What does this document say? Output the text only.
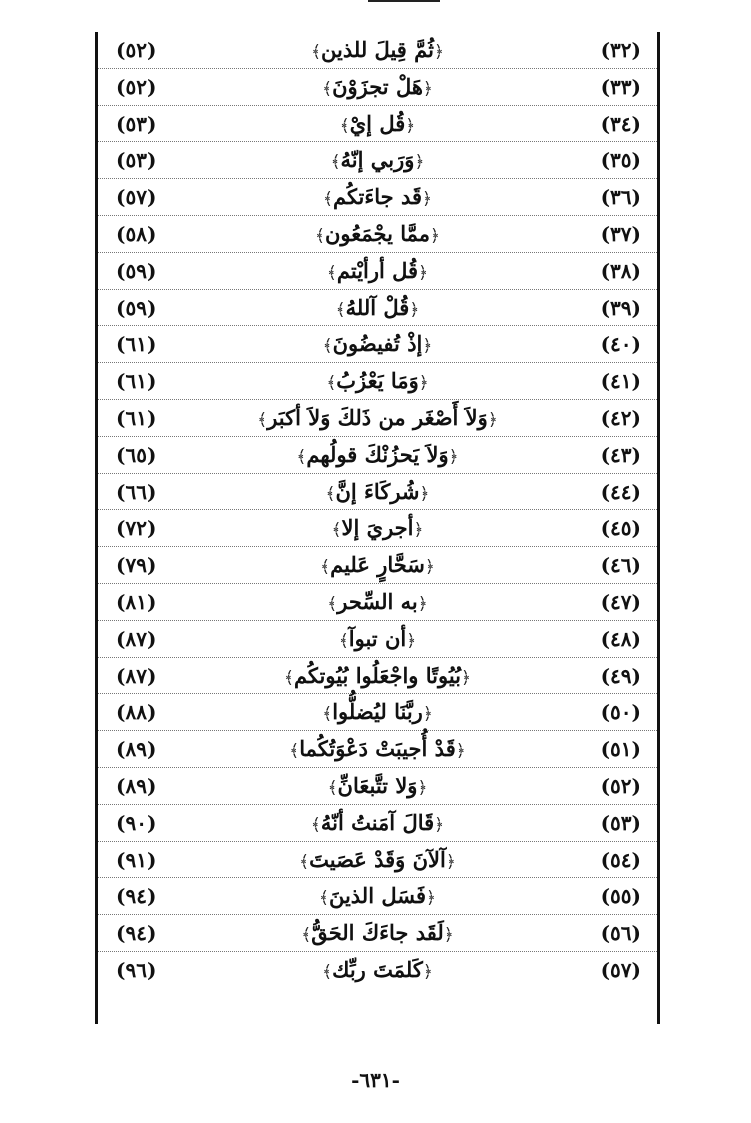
(٣٢)
﴿ثُمَّ قِيلَ للذين﴾
(٥٢)
(٣٣)
﴿هَلْ تجزَوْنَ﴾
(٥٢)
(٣٤)
﴿قُل إيْ﴾
(٥٣)
(٣٥)
﴿وَرَبي إنّهُ﴾
(٥٣)
(٣٦)
﴿قَد جاءَتكُم﴾
(٥٧)
(٣٧)
﴿ممَّا يجْمَعُون﴾
(٥٨)
(٣٨)
﴿قُل أرأيْتم﴾
(٥٩)
(٣٩)
﴿قُلْ آللهُ﴾
(٥٩)
(٤٠)
﴿إذْ تُفيضُونَ﴾
(٦١)
(٤١)
﴿وَمَا يَعْزُبُ﴾
(٦١)
(٤٢)
﴿وَلاَ أَصْغَر من ذَلكَ وَلاَ أكبَر﴾
(٦١)
(٤٣)
﴿وَلاَ يَحزُنْكَ قولُهم﴾
(٦٥)
(٤٤)
﴿شُركَاءَ إنَّ﴾
(٦٦)
(٤٥)
﴿أجريَ إلا﴾
(٧٢)
(٤٦)
﴿سَحَّارٍ عَليم﴾
(٧٩)
(٤٧)
﴿به السِّحر﴾
(٨١)
(٤٨)
﴿أن تبوآ﴾
(٨٧)
(٤٩)
﴿بُيُوتًا واجْعَلُوا بُيُوتكُم﴾
(٨٧)
(٥٠)
﴿ربَّنَا ليُضلُّوا﴾
(٨٨)
(٥١)
﴿قَدْ أُجيبَتْ دَعْوَتُكُما﴾
(٨٩)
(٥٢)
﴿وَلا تتَّبعَانِّ﴾
(٨٩)
(٥٣)
﴿قَالَ آمَنتُ أنّهُ﴾
(٩٠)
(٥٤)
﴿آلآنَ وَقَدْ عَصَيتَ﴾
(٩١)
(٥٥)
﴿فَسَل الذينَ﴾
(٩٤)
(٥٦)
﴿لَقَد جاءَكَ الحَقُّ﴾
(٩٤)
(٥٧)
﴿كَلمَتَ ربِّك﴾
(٩٦)
-٦٣١-
